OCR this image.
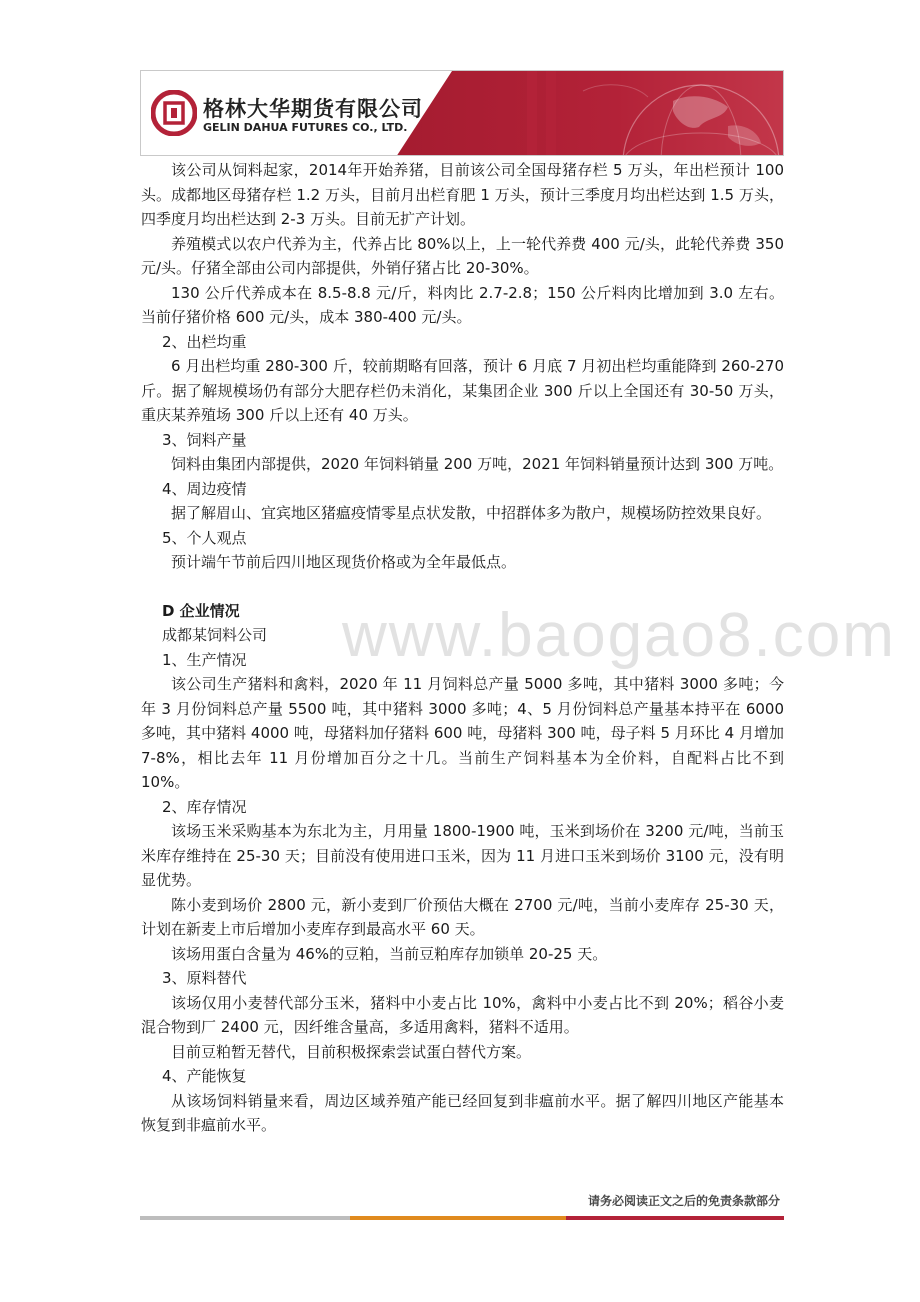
格林大华期货有限公司
GELIN DAHUA FUTURES CO., LTD.
www.baogao8.com

该公司从饲料起家，2014年开始养猪，目前该公司全国母猪存栏 5 万头，年出栏预计 100 头。成都地区母猪存栏 1.2 万头，目前月出栏育肥 1 万头，预计三季度月均出栏达到 1.5 万头，四季度月均出栏达到 2-3 万头。目前无扩产计划。

养殖模式以农户代养为主，代养占比 80%以上，上一轮代养费 400 元/头，此轮代养费 350 元/头。仔猪全部由公司内部提供，外销仔猪占比 20-30%。

130 公斤代养成本在 8.5-8.8 元/斤，料肉比 2.7-2.8；150 公斤料肉比增加到 3.0 左右。当前仔猪价格 600 元/头，成本 380-400 元/头。

2、出栏均重

6 月出栏均重 280-300 斤，较前期略有回落，预计 6 月底 7 月初出栏均重能降到 260-270 斤。据了解规模场仍有部分大肥存栏仍未消化，某集团企业 300 斤以上全国还有 30-50 万头，重庆某养殖场 300 斤以上还有 40 万头。

3、饲料产量

饲料由集团内部提供，2020 年饲料销量 200 万吨，2021 年饲料销量预计达到 300 万吨。

4、周边疫情

据了解眉山、宜宾地区猪瘟疫情零星点状发散，中招群体多为散户，规模场防控效果良好。

5、个人观点

预计端午节前后四川地区现货价格或为全年最低点。

D 企业情况

成都某饲料公司

1、生产情况

该公司生产猪料和禽料，2020 年 11 月饲料总产量 5000 多吨，其中猪料 3000 多吨；今年 3 月份饲料总产量 5500 吨，其中猪料 3000 多吨；4、5 月份饲料总产量基本持平在 6000 多吨，其中猪料 4000 吨，母猪料加仔猪料 600 吨，母猪料 300 吨，母子料 5 月环比 4 月增加 7-8%，相比去年 11 月份增加百分之十几。当前生产饲料基本为全价料，自配料占比不到 10%。

2、库存情况

该场玉米采购基本为东北为主，月用量 1800-1900 吨，玉米到场价在 3200 元/吨，当前玉米库存维持在 25-30 天；目前没有使用进口玉米，因为 11 月进口玉米到场价 3100 元，没有明显优势。

陈小麦到场价 2800 元，新小麦到厂价预估大概在 2700 元/吨，当前小麦库存 25-30 天，计划在新麦上市后增加小麦库存到最高水平 60 天。

该场用蛋白含量为 46%的豆粕，当前豆粕库存加锁单 20-25 天。

3、原料替代

该场仅用小麦替代部分玉米，猪料中小麦占比 10%，禽料中小麦占比不到 20%；稻谷小麦混合物到厂 2400 元，因纤维含量高，多适用禽料，猪料不适用。

目前豆粕暂无替代，目前积极探索尝试蛋白替代方案。

4、产能恢复

从该场饲料销量来看，周边区域养殖产能已经回复到非瘟前水平。据了解四川地区产能基本恢复到非瘟前水平。

请务必阅读正文之后的免责条款部分
